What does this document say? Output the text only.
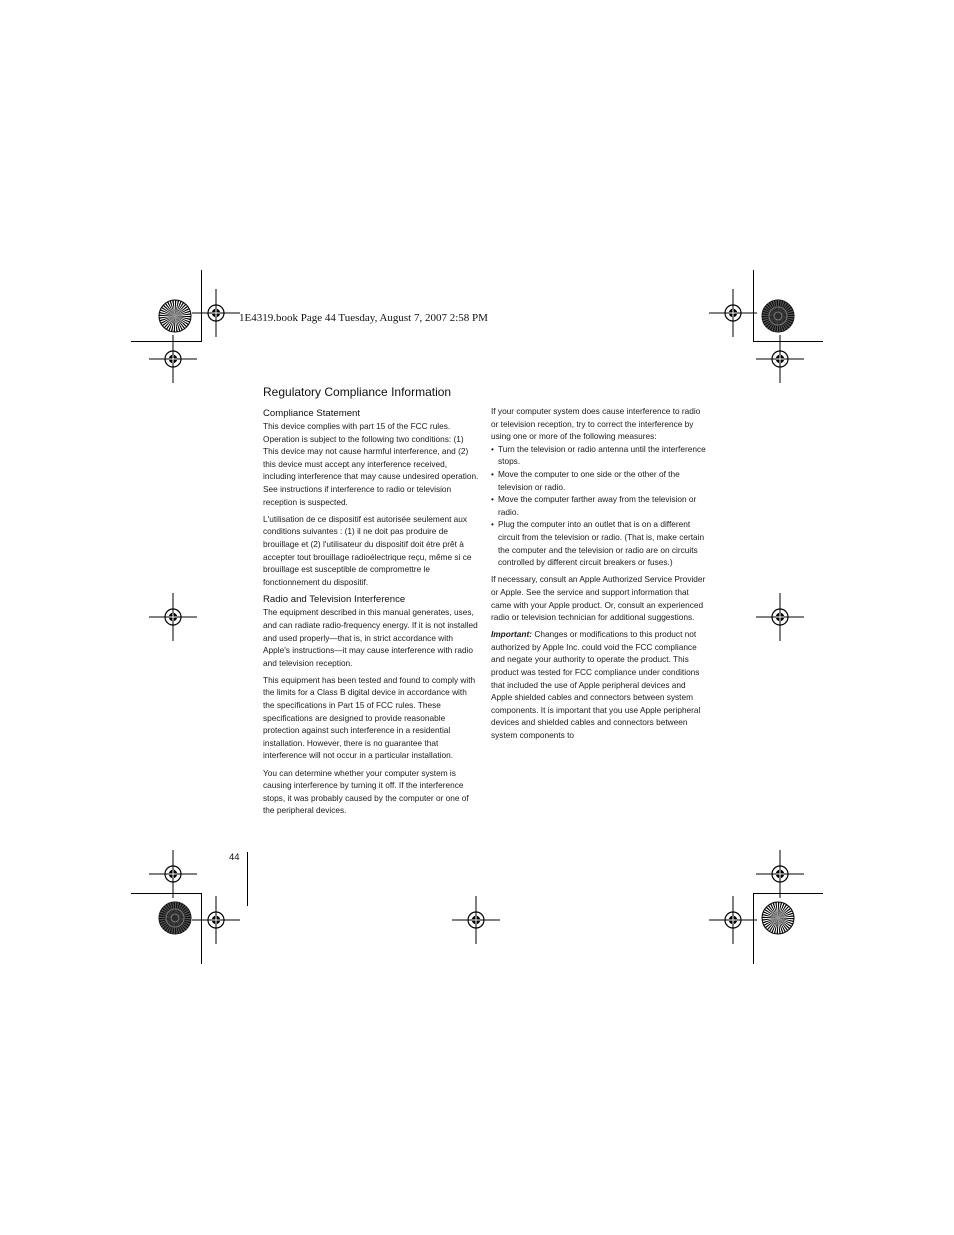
1E4319.book Page 44 Tuesday, August 7, 2007 2:58 PM
Regulatory Compliance Information
Compliance Statement

This device complies with part 15 of the FCC rules. Operation is subject to the following two conditions: (1) This device may not cause harmful interference, and (2) this device must accept any interference received, including interference that may cause undesired operation. See instructions if interference to radio or television reception is suspected.

L'utilisation de ce dispositif est autorisée seulement aux conditions suivantes : (1) il ne doit pas produire de brouillage et (2) l'utilisateur du dispositif doit étre prêt à accepter tout brouillage radioélectrique reçu, même si ce brouillage est susceptible de compromettre le fonctionnement du dispositif.

Radio and Television Interference

The equipment described in this manual generates, uses, and can radiate radio-frequency energy. If it is not installed and used properly—that is, in strict accordance with Apple's instructions—it may cause interference with radio and television reception.

This equipment has been tested and found to comply with the limits for a Class B digital device in accordance with the specifications in Part 15 of FCC rules. These specifications are designed to provide reasonable protection against such interference in a residential installation. However, there is no guarantee that interference will not occur in a particular installation.

You can determine whether your computer system is causing interference by turning it off. If the interference stops, it was probably caused by the computer or one of the peripheral devices.

If your computer system does cause interference to radio or television reception, try to correct the interference by using one or more of the following measures:

• Turn the television or radio antenna until the interference stops.
• Move the computer to one side or the other of the television or radio.
• Move the computer farther away from the television or radio.
• Plug the computer into an outlet that is on a different circuit from the television or radio. (That is, make certain the computer and the television or radio are on circuits controlled by different circuit breakers or fuses.)

If necessary, consult an Apple Authorized Service Provider or Apple. See the service and support information that came with your Apple product. Or, consult an experienced radio or television technician for additional suggestions.

Important: Changes or modifications to this product not authorized by Apple Inc. could void the FCC compliance and negate your authority to operate the product. This product was tested for FCC compliance under conditions that included the use of Apple peripheral devices and Apple shielded cables and connectors between system components. It is important that you use Apple peripheral devices and shielded cables and connectors between system components to

44
